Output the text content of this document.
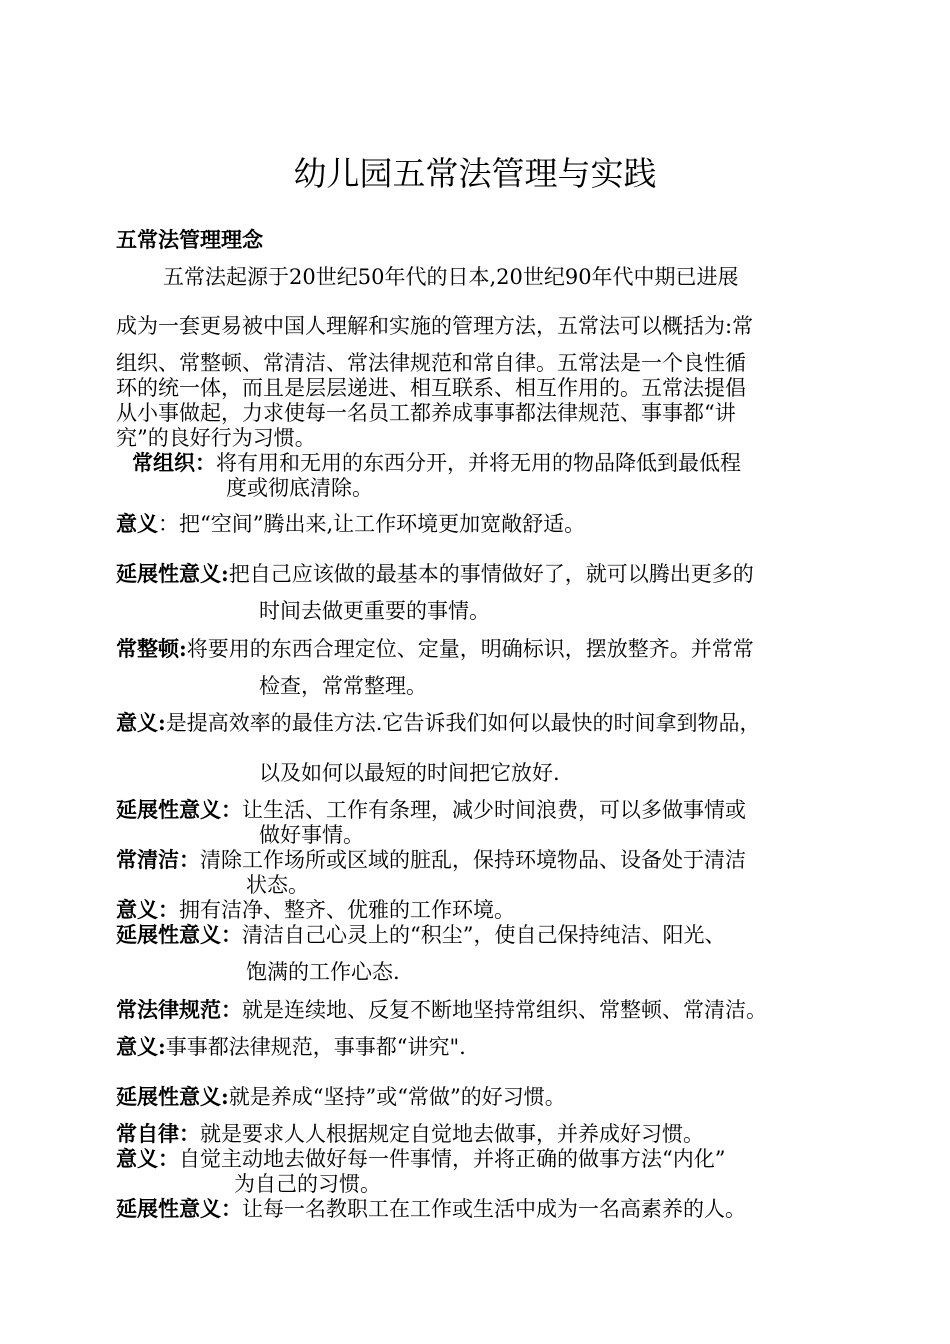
幼儿园五常法管理与实践
五常法管理理念
五常法起源于20世纪50年代的日本,20世纪90年代中期已进展
成为一套更易被中国人理解和实施的管理方法，五常法可以概括为:常
组织、常整顿、常清洁、常法律规范和常自律。五常法是一个良性循
环的统一体，而且是层层递进、相互联系、相互作用的。五常法提倡
从小事做起，力求使每一名员工都养成事事都法律规范、事事都“讲
究”的良好行为习惯。
常组织：将有用和无用的东西分开，并将无用的物品降低到最低程
度或彻底清除。
意义：把“空间”腾出来,让工作环境更加宽敞舒适。
延展性意义:把自己应该做的最基本的事情做好了，就可以腾出更多的
时间去做更重要的事情。
常整顿:将要用的东西合理定位、定量，明确标识，摆放整齐。并常常
检查，常常整理。
意义:是提高效率的最佳方法.它告诉我们如何以最快的时间拿到物品，
以及如何以最短的时间把它放好.
延展性意义：让生活、工作有条理，减少时间浪费，可以多做事情或
做好事情。
常清洁：清除工作场所或区域的脏乱，保持环境物品、设备处于清洁
状态。
意义：拥有洁净、整齐、优雅的工作环境。
延展性意义：清洁自己心灵上的“积尘”，使自己保持纯洁、阳光、
饱满的工作心态.
常法律规范：就是连续地、反复不断地坚持常组织、常整顿、常清洁。
意义:事事都法律规范，事事都“讲究".
延展性意义:就是养成“坚持”或“常做”的好习惯。
常自律：就是要求人人根据规定自觉地去做事，并养成好习惯。
意义：自觉主动地去做好每一件事情，并将正确的做事方法“内化”
为自己的习惯。
延展性意义：让每一名教职工在工作或生活中成为一名高素养的人。
